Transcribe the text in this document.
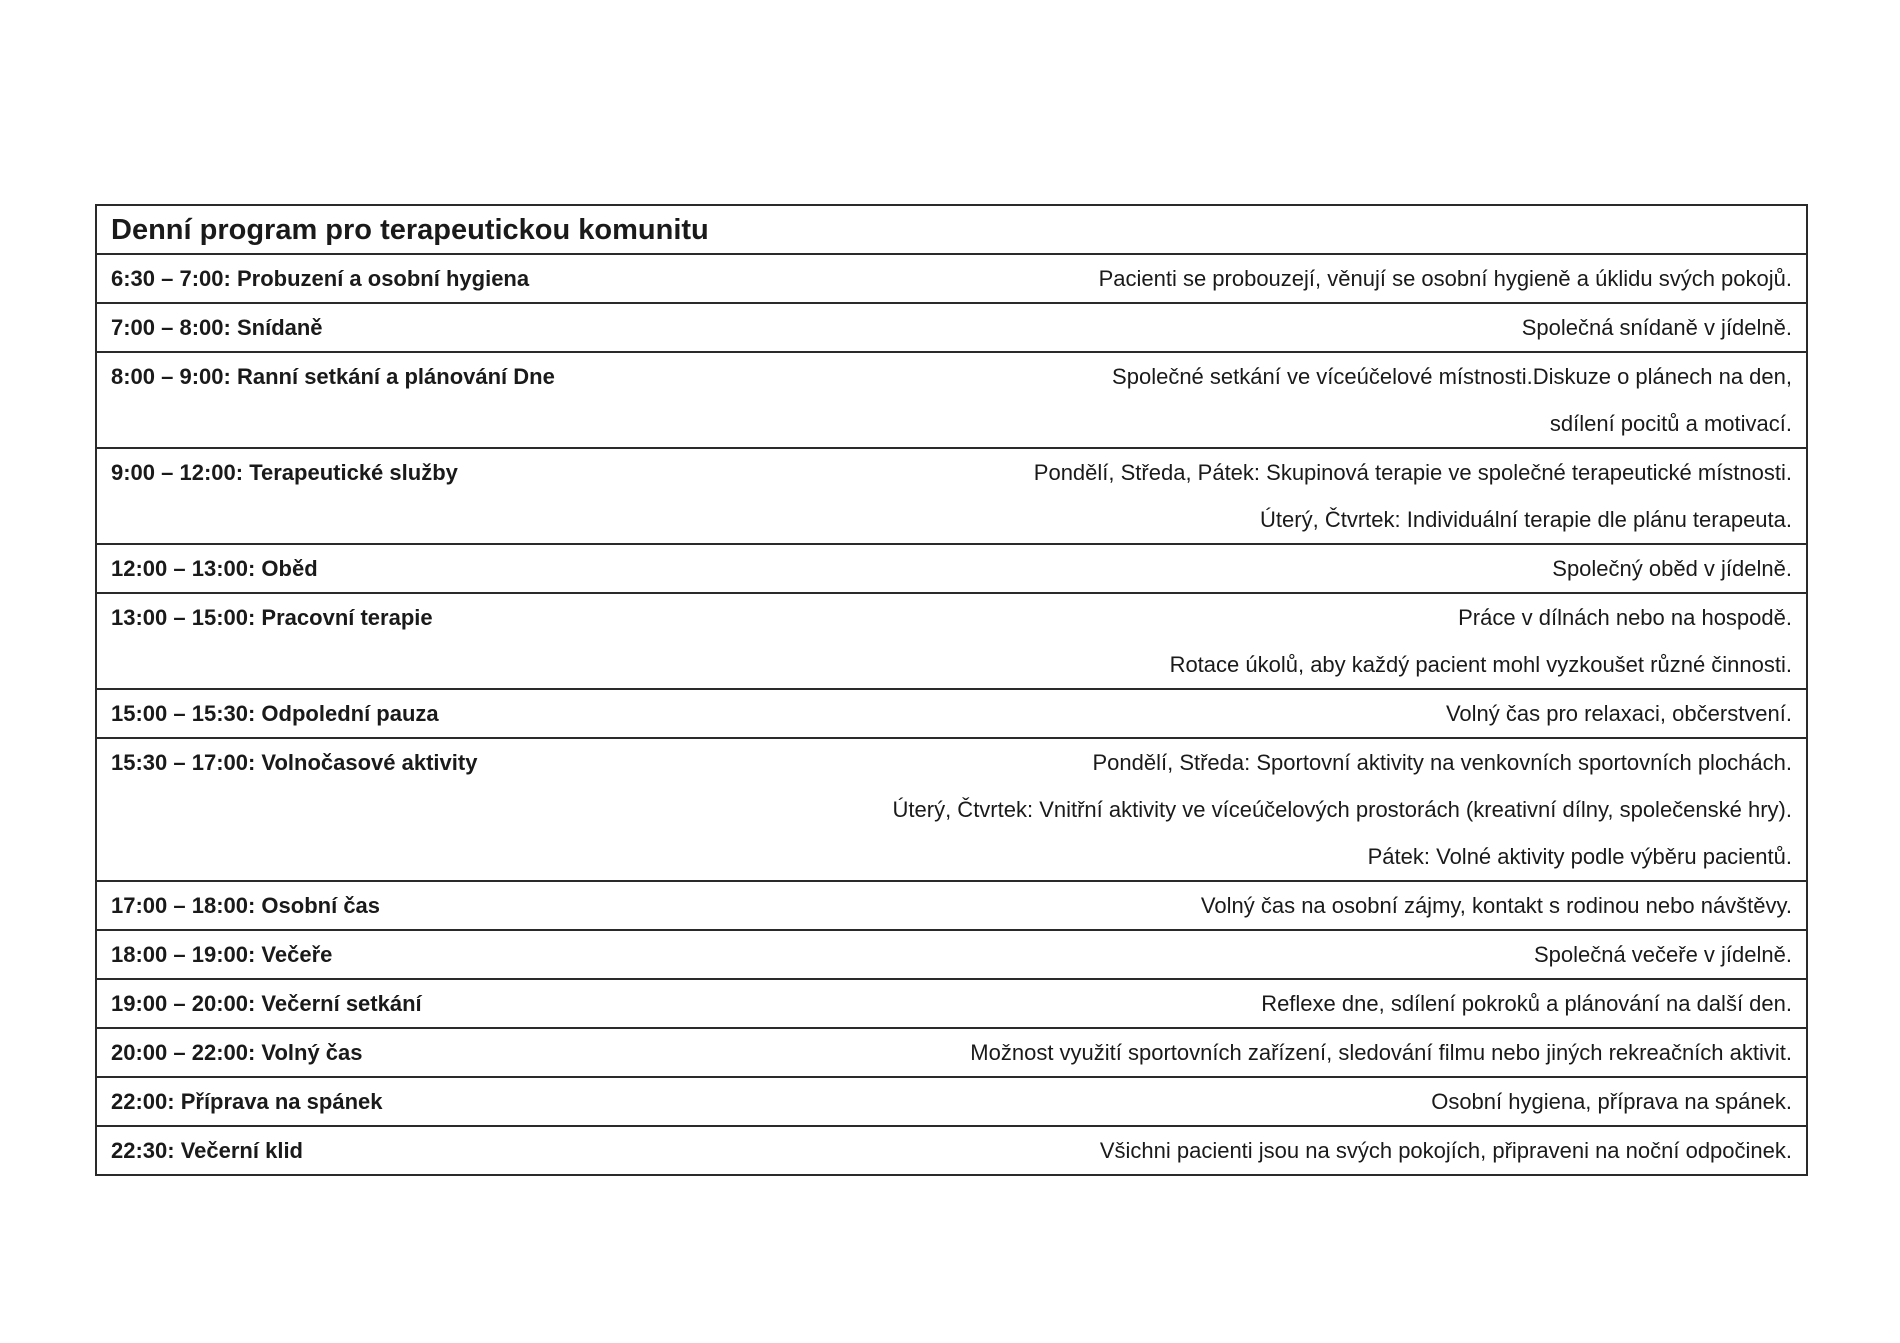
Denní program pro terapeutickou komunitu
6:30 – 7:00: Probuzení a osobní hygiena	Pacienti se probouzejí, věnují se osobní hygieně a úklidu svých pokojů.
7:00 – 8:00: Snídaně	Společná snídaně v jídelně.
8:00 – 9:00: Ranní setkání a plánování Dne	Společné setkání ve víceúčelové místnosti.Diskuze o plánech na den,
sdílení pocitů a motivací.
9:00 – 12:00: Terapeutické služby	Pondělí, Středa, Pátek: Skupinová terapie ve společné terapeutické místnosti.
Úterý, Čtvrtek: Individuální terapie dle plánu terapeuta.
12:00 – 13:00: Oběd	Společný oběd v jídelně.
13:00 – 15:00: Pracovní terapie	Práce v dílnách nebo na hospodě.
Rotace úkolů, aby každý pacient mohl vyzkoušet různé činnosti.
15:00 – 15:30: Odpolední pauza	Volný čas pro relaxaci, občerstvení.
15:30 – 17:00: Volnočasové aktivity	Pondělí, Středa: Sportovní aktivity na venkovních sportovních plochách.
Úterý, Čtvrtek: Vnitřní aktivity ve víceúčelových prostorách (kreativní dílny, společenské hry).
Pátek: Volné aktivity podle výběru pacientů.
17:00 – 18:00: Osobní čas	Volný čas na osobní zájmy, kontakt s rodinou nebo návštěvy.
18:00 – 19:00: Večeře	Společná večeře v jídelně.
19:00 – 20:00: Večerní setkání	Reflexe dne, sdílení pokroků a plánování na další den.
20:00 – 22:00: Volný čas	Možnost využití sportovních zařízení, sledování filmu nebo jiných rekreačních aktivit.
22:00: Příprava na spánek	Osobní hygiena, příprava na spánek.
22:30: Večerní klid	Všichni pacienti jsou na svých pokojích, připraveni na noční odpočinek.
